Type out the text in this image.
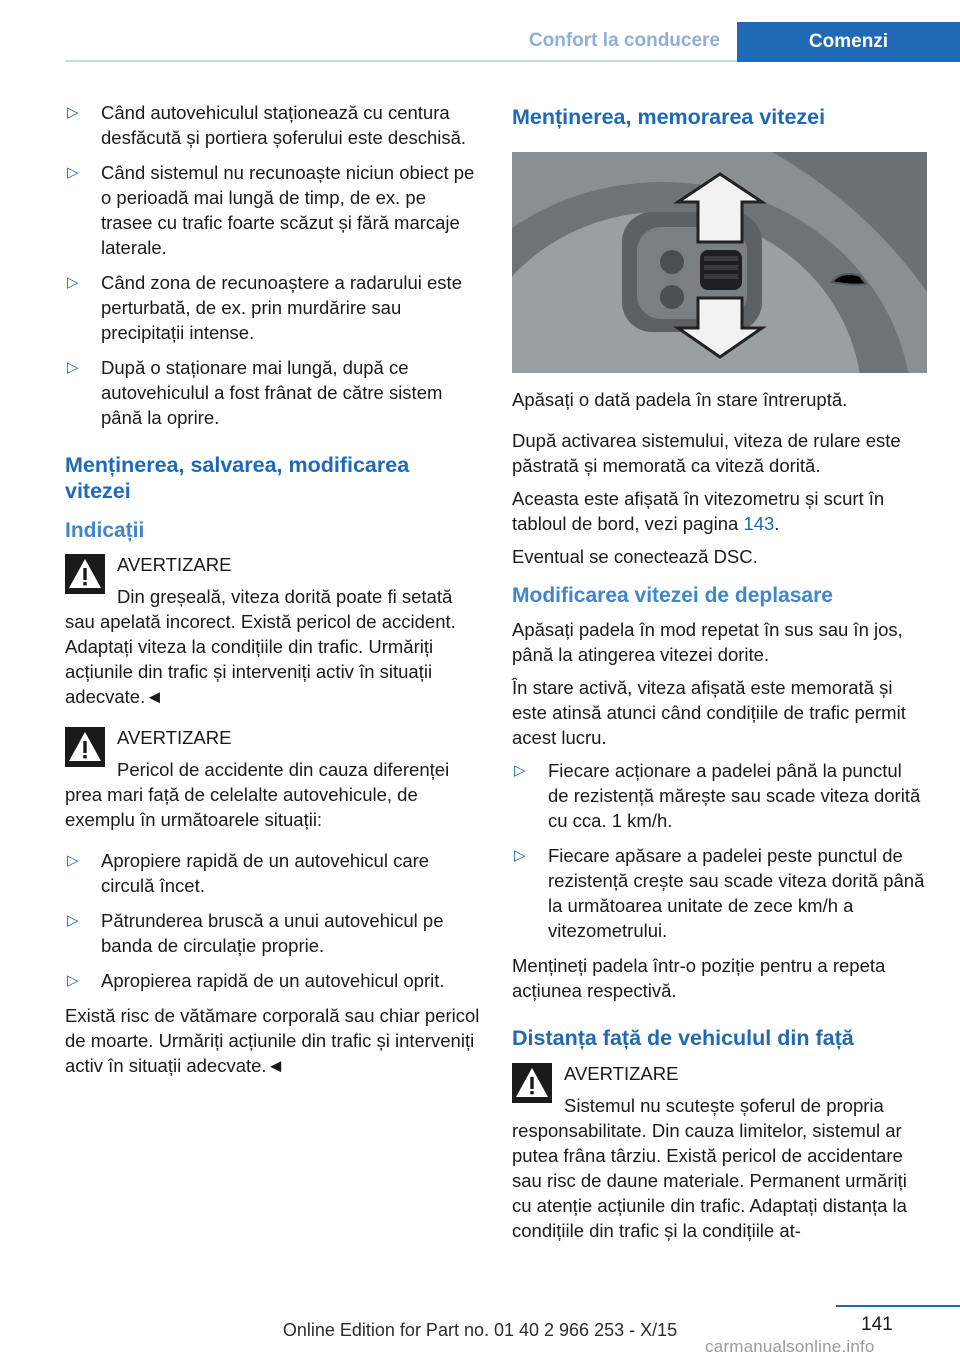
Confort la conducere	Comenzi
▷	Când autovehiculul staționează cu centura desfăcută și portiera șoferului este deschisă.
▷	Când sistemul nu recunoaște niciun obiect pe o perioadă mai lungă de timp, de ex. pe trasee cu trafic foarte scăzut și fără marcaje laterale.
▷	Când zona de recunoaștere a radarului este perturbată, de ex. prin murdărire sau precipitații intense.
▷	După o staționare mai lungă, după ce autovehiculul a fost frânat de către sistem până la oprire.
Menținerea, salvarea, modificarea vitezei
Indicații
AVERTIZARE
Din greșeală, viteza dorită poate fi setată sau apelată incorect. Există pericol de accident. Adaptați viteza la condițiile din trafic. Urmăriți acțiunile din trafic și interveniți activ în situații adecvate.◄
AVERTIZARE
Pericol de accidente din cauza diferenței prea mari față de celelalte autovehicule, de exemplu în următoarele situații:
▷	Apropiere rapidă de un autovehicul care circulă încet.
▷	Pătrunderea bruscă a unui autovehicul pe banda de circulație proprie.
▷	Apropierea rapidă de un autovehicul oprit.
Există risc de vătămare corporală sau chiar pericol de moarte. Urmăriți acțiunile din trafic și interveniți activ în situații adecvate.◄
Menținerea, memorarea vitezei
Apăsați o dată padela în stare întreruptă.
După activarea sistemului, viteza de rulare este păstrată și memorată ca viteză dorită.
Aceasta este afișată în vitezometru și scurt în tabloul de bord, vezi pagina 143.
Eventual se conectează DSC.
Modificarea vitezei de deplasare
Apăsați padela în mod repetat în sus sau în jos, până la atingerea vitezei dorite.
În stare activă, viteza afișată este memorată și este atinsă atunci când condițiile de trafic permit acest lucru.
▷	Fiecare acționare a padelei până la punctul de rezistență mărește sau scade viteza dorită cu cca. 1 km/h.
▷	Fiecare apăsare a padelei peste punctul de rezistență crește sau scade viteza dorită până la următoarea unitate de zece km/h a vitezometrului.
Mențineți padela într-o poziție pentru a repeta acțiunea respectivă.
Distanța față de vehiculul din față
AVERTIZARE
Sistemul nu scutește șoferul de propria responsabilitate. Din cauza limitelor, sistemul ar putea frâna târziu. Există pericol de accidentare sau risc de daune materiale. Permanent urmăriți cu atenție acțiunile din trafic. Adaptați distanța la condițiile din trafic și la condițiile at-
141
Online Edition for Part no. 01 40 2 966 253 - X/15
carmanualsonline.info
